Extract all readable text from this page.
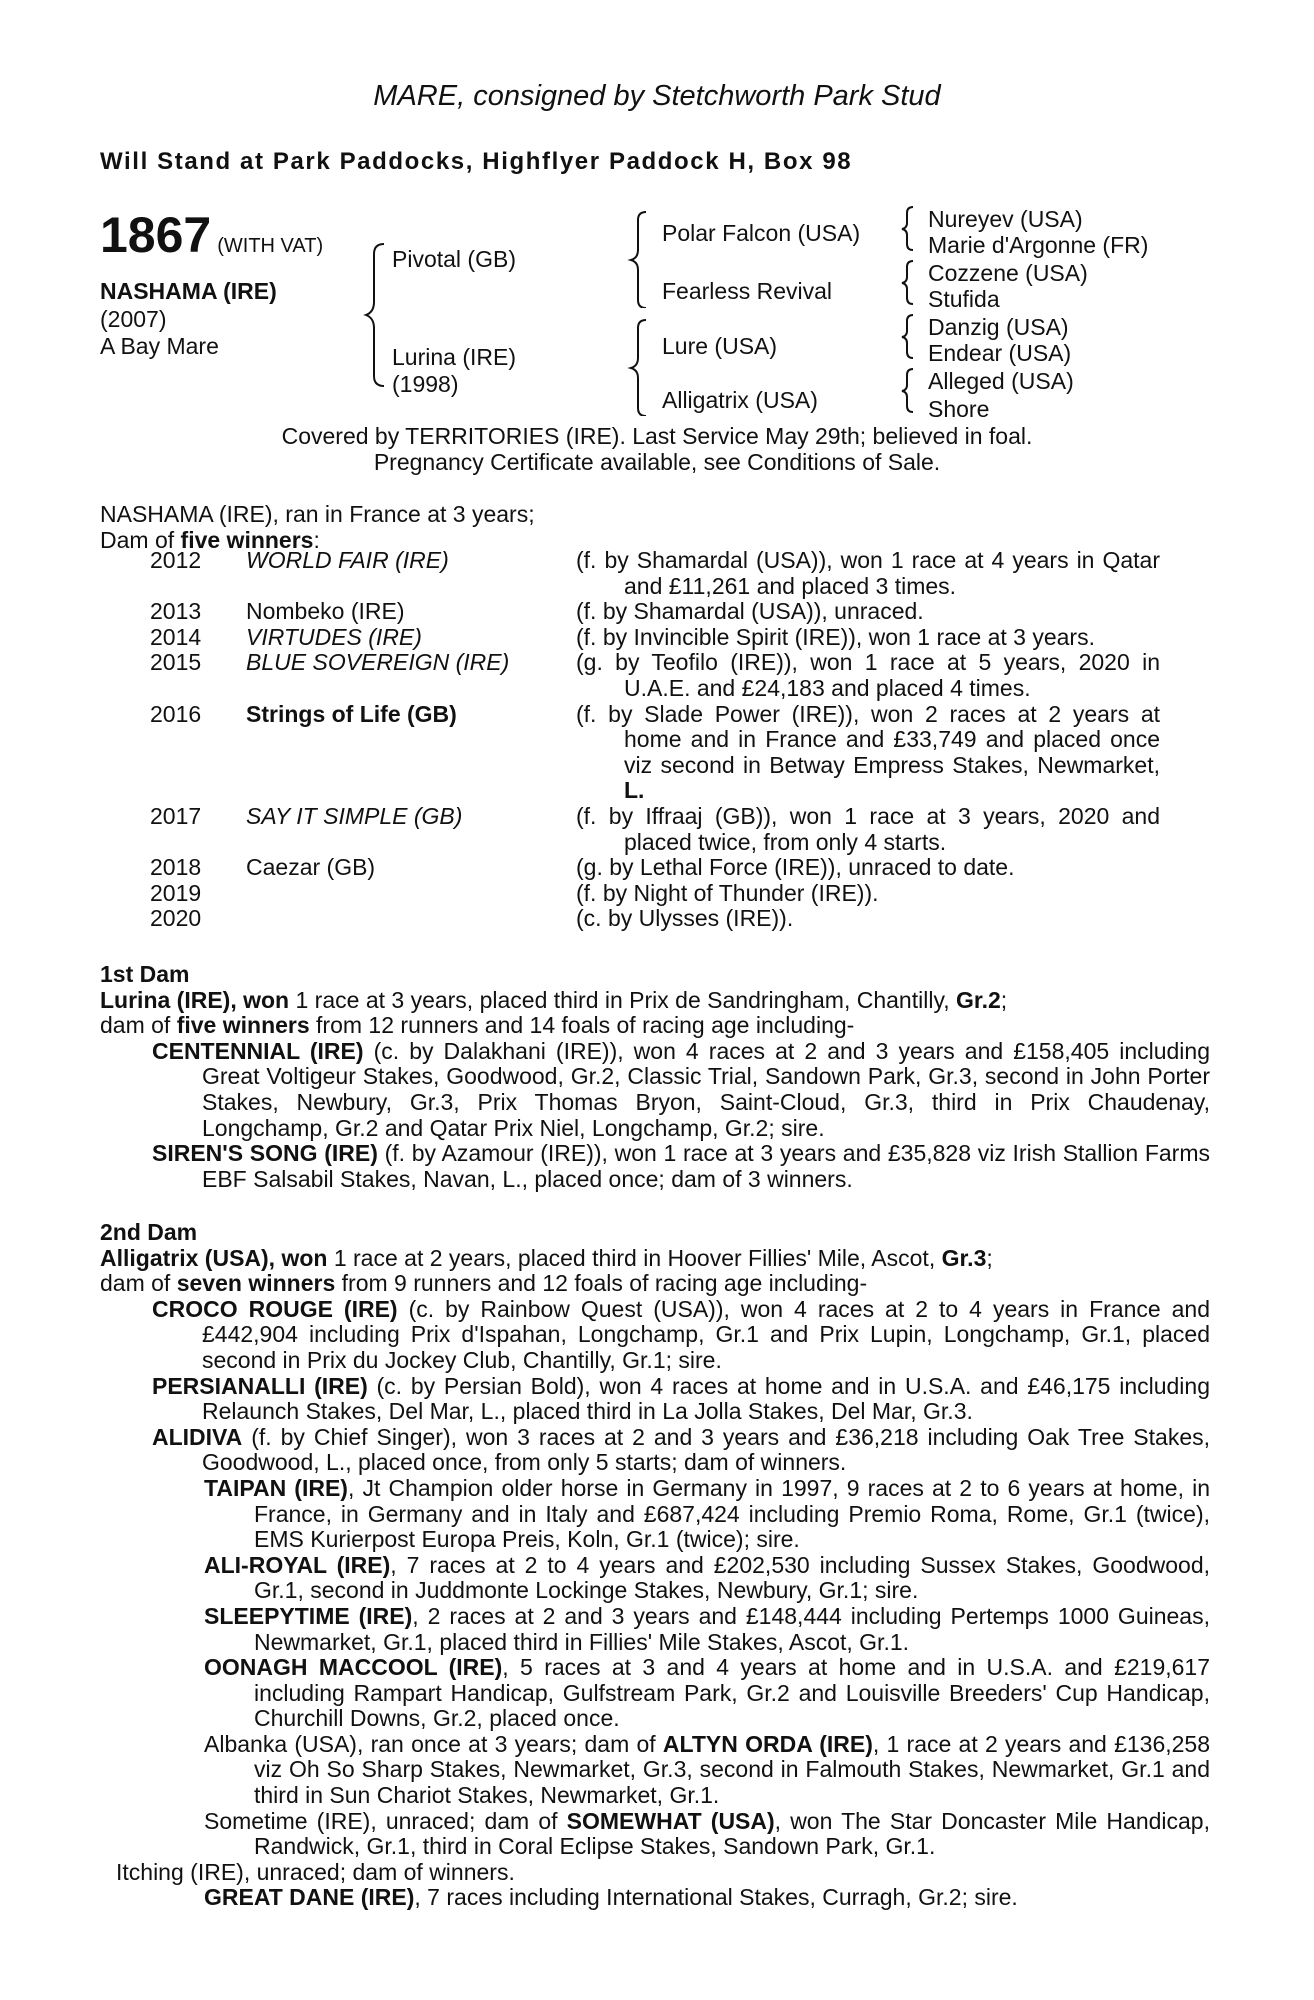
MARE, consigned by Stetchworth Park Stud
Will Stand at Park Paddocks, Highflyer Paddock H, Box 98
1867 (WITH VAT)
NASHAMA (IRE)
(2007)
A Bay Mare
Pivotal (GB)
Lurina (IRE)
(1998)
Polar Falcon (USA)
Fearless Revival
Lure (USA)
Alligatrix (USA)
Nureyev (USA)
Marie d'Argonne (FR)
Cozzene (USA)
Stufida
Danzig (USA)
Endear (USA)
Alleged (USA)
Shore
Covered by TERRITORIES (IRE). Last Service May 29th; believed in foal.
Pregnancy Certificate available, see Conditions of Sale.
NASHAMA (IRE), ran in France at 3 years;
Dam of five winners:
2012	WORLD FAIR (IRE)	(f. by Shamardal (USA)), won 1 race at 4 years in Qatar and £11,261 and placed 3 times.

2013	Nombeko (IRE)	(f. by Shamardal (USA)), unraced.

2014	VIRTUDES (IRE)	(f. by Invincible Spirit (IRE)), won 1 race at 3 years.

2015	BLUE SOVEREIGN (IRE)	(g. by Teofilo (IRE)), won 1 race at 5 years, 2020 in U.A.E. and £24,183 and placed 4 times.

2016	Strings of Life (GB)	(f. by Slade Power (IRE)), won 2 races at 2 years at home and in France and £33,749 and placed once viz second in Betway Empress Stakes, Newmarket, L.

2017	SAY IT SIMPLE (GB)	(f. by Iffraaj (GB)), won 1 race at 3 years, 2020 and placed twice, from only 4 starts.

2018	Caezar (GB)	(g. by Lethal Force (IRE)), unraced to date.

2019		(f. by Night of Thunder (IRE)).

2020		(c. by Ulysses (IRE)).
1st Dam
Lurina (IRE), won 1 race at 3 years, placed third in Prix de Sandringham, Chantilly, Gr.2;
dam of five winners from 12 runners and 14 foals of racing age including-
CENTENNIAL (IRE) (c. by Dalakhani (IRE)), won 4 races at 2 and 3 years and £158,405 including Great Voltigeur Stakes, Goodwood, Gr.2, Classic Trial, Sandown Park, Gr.3, second in John Porter Stakes, Newbury, Gr.3, Prix Thomas Bryon, Saint-Cloud, Gr.3, third in Prix Chaudenay, Longchamp, Gr.2 and Qatar Prix Niel, Longchamp, Gr.2; sire.
SIREN'S SONG (IRE) (f. by Azamour (IRE)), won 1 race at 3 years and £35,828 viz Irish Stallion Farms EBF Salsabil Stakes, Navan, L., placed once; dam of 3 winners.
2nd Dam
Alligatrix (USA), won 1 race at 2 years, placed third in Hoover Fillies' Mile, Ascot, Gr.3;
dam of seven winners from 9 runners and 12 foals of racing age including-
CROCO ROUGE (IRE) (c. by Rainbow Quest (USA)), won 4 races at 2 to 4 years in France and £442,904 including Prix d'Ispahan, Longchamp, Gr.1 and Prix Lupin, Longchamp, Gr.1, placed second in Prix du Jockey Club, Chantilly, Gr.1; sire.
PERSIANALLI (IRE) (c. by Persian Bold), won 4 races at home and in U.S.A. and £46,175 including Relaunch Stakes, Del Mar, L., placed third in La Jolla Stakes, Del Mar, Gr.3.
ALIDIVA (f. by Chief Singer), won 3 races at 2 and 3 years and £36,218 including Oak Tree Stakes, Goodwood, L., placed once, from only 5 starts; dam of winners.
TAIPAN (IRE), Jt Champion older horse in Germany in 1997, 9 races at 2 to 6 years at home, in France, in Germany and in Italy and £687,424 including Premio Roma, Rome, Gr.1 (twice), EMS Kurierpost Europa Preis, Koln, Gr.1 (twice); sire.
ALI-ROYAL (IRE), 7 races at 2 to 4 years and £202,530 including Sussex Stakes, Goodwood, Gr.1, second in Juddmonte Lockinge Stakes, Newbury, Gr.1; sire.
SLEEPYTIME (IRE), 2 races at 2 and 3 years and £148,444 including Pertemps 1000 Guineas, Newmarket, Gr.1, placed third in Fillies' Mile Stakes, Ascot, Gr.1.
OONAGH MACCOOL (IRE), 5 races at 3 and 4 years at home and in U.S.A. and £219,617 including Rampart Handicap, Gulfstream Park, Gr.2 and Louisville Breeders' Cup Handicap, Churchill Downs, Gr.2, placed once.
Albanka (USA), ran once at 3 years; dam of ALTYN ORDA (IRE), 1 race at 2 years and £136,258 viz Oh So Sharp Stakes, Newmarket, Gr.3, second in Falmouth Stakes, Newmarket, Gr.1 and third in Sun Chariot Stakes, Newmarket, Gr.1.
Sometime (IRE), unraced; dam of SOMEWHAT (USA), won The Star Doncaster Mile Handicap, Randwick, Gr.1, third in Coral Eclipse Stakes, Sandown Park, Gr.1.
Itching (IRE), unraced; dam of winners.
GREAT DANE (IRE), 7 races including International Stakes, Curragh, Gr.2; sire.
